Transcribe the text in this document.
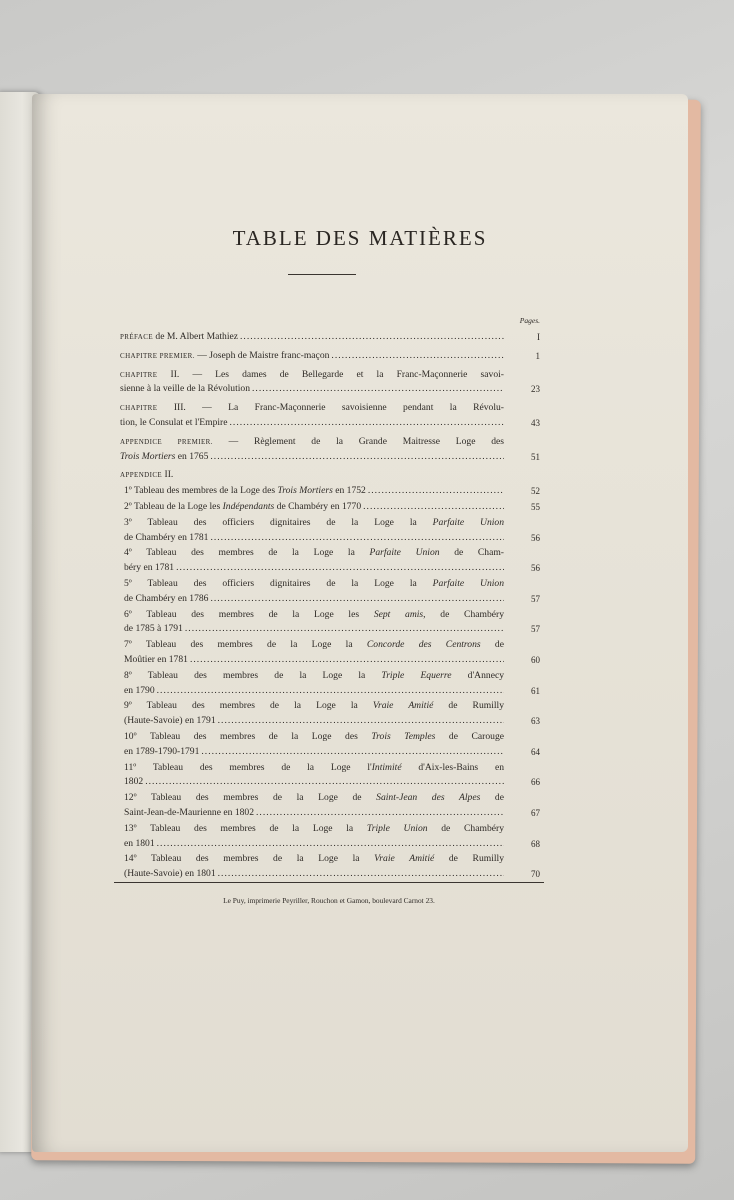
TABLE DES MATIÈRES
Pages.
PRÉFACE de M. Albert Mathiez .....	I
CHAPITRE PREMIER. — Joseph de Maistre franc-maçon .....	1
CHAPITRE II. — Les dames de Bellegarde et la Franc-Maçonnerie savoi-
sienne à la veille de la Révolution .....	23
CHAPITRE III. — La Franc-Maçonnerie savoisienne pendant la Révolu-
tion, le Consulat et l'Empire .....	43
APPENDICE PREMIER. — Règlement de la Grande Maitresse Loge des
Trois Mortiers en 1765 .....	51
APPENDICE II.
1º Tableau des membres de la Loge des Trois Mortiers en 1752 .....	52
2º Tableau de la Loge les Indépendants de Chambéry en 1770 .....	55
3º Tableau des officiers dignitaires de la Loge la Parfaite Union
de Chambéry en 1781 .....	56
4º Tableau des membres de la Loge la Parfaite Union de Cham-
béry en 1781 .....	56
5º Tableau des officiers dignitaires de la Loge la Parfaite Union
de Chambéry en 1786 .....	57
6º Tableau des membres de la Loge les Sept amis, de Chambéry
de 1785 à 1791 .....	57
7º Tableau des membres de la Loge la Concorde des Centrons de
Moûtier en 1781 .....	60
8º Tableau des membres de la Loge la Triple Equerre d'Annecy
en 1790 .....	61
9º Tableau des membres de la Loge la Vraie Amitié de Rumilly
(Haute-Savoie) en 1791 .....	63
10º Tableau des membres de la Loge des Trois Temples de Carouge
en 1789-1790-1791 .....	64
11º Tableau des membres de la Loge l'Intimité d'Aix-les-Bains en
1802 .....	66
12º Tableau des membres de la Loge de Saint-Jean des Alpes de
Saint-Jean-de-Maurienne en 1802 .....	67
13º Tableau des membres de la Loge la Triple Union de Chambéry
en 1801 .....	68
14º Tableau des membres de la Loge la Vraie Amitié de Rumilly
(Haute-Savoie) en 1801 .....	70
Le Puy, imprimerie Peyriller, Rouchon et Gamon, boulevard Carnot 23.
